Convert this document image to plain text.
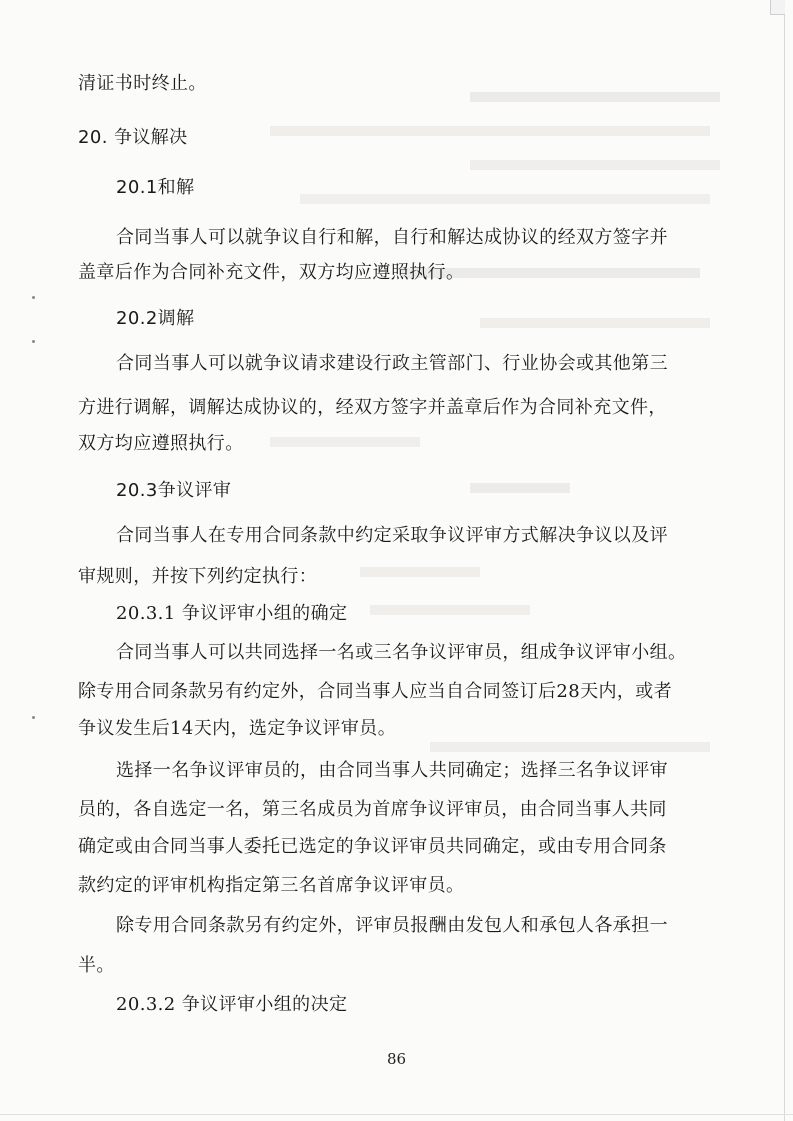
清证书时终止。
20. 争议解决
20.1和解
合同当事人可以就争议自行和解，自行和解达成协议的经双方签字并
盖章后作为合同补充文件，双方均应遵照执行。
20.2调解
合同当事人可以就争议请求建设行政主管部门、行业协会或其他第三
方进行调解，调解达成协议的，经双方签字并盖章后作为合同补充文件，
双方均应遵照执行。
20.3争议评审
合同当事人在专用合同条款中约定采取争议评审方式解决争议以及评
审规则，并按下列约定执行：
20.3.1 争议评审小组的确定
合同当事人可以共同选择一名或三名争议评审员，组成争议评审小组。
除专用合同条款另有约定外，合同当事人应当自合同签订后28天内，或者
争议发生后14天内，选定争议评审员。
选择一名争议评审员的，由合同当事人共同确定；选择三名争议评审
员的，各自选定一名，第三名成员为首席争议评审员，由合同当事人共同
确定或由合同当事人委托已选定的争议评审员共同确定，或由专用合同条
款约定的评审机构指定第三名首席争议评审员。
除专用合同条款另有约定外，评审员报酬由发包人和承包人各承担一
半。
20.3.2 争议评审小组的决定
86
